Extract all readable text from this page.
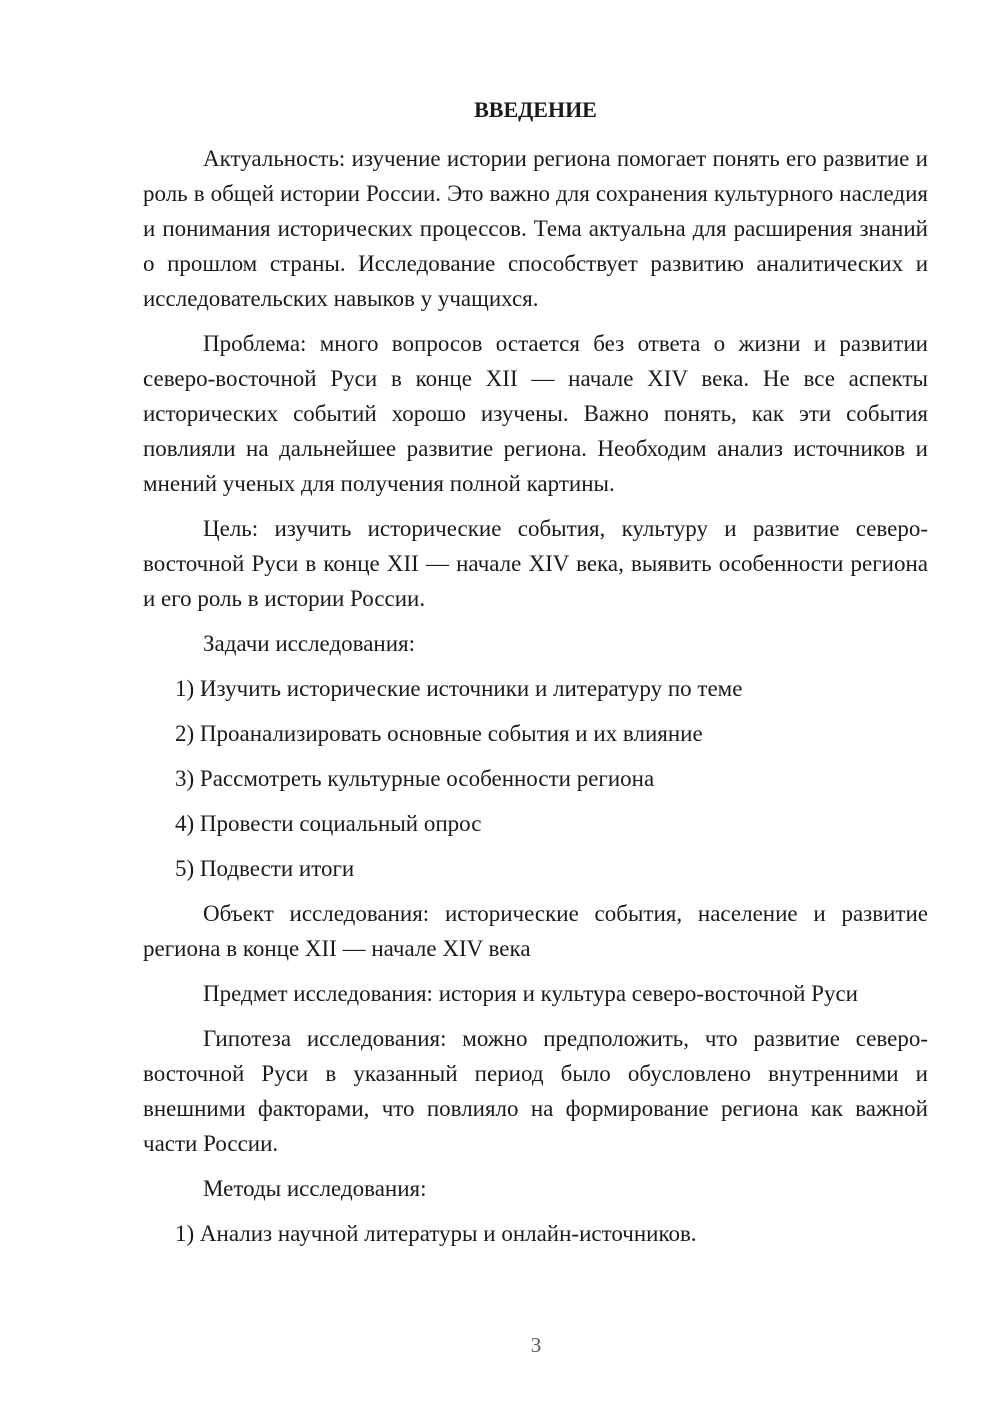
ВВЕДЕНИЕ

Актуальность: изучение истории региона помогает понять его развитие и роль в общей истории России. Это важно для сохранения культурного наследия и понимания исторических процессов. Тема актуальна для расширения знаний о прошлом страны. Исследование способствует развитию аналитических и исследовательских навыков у учащихся.

Проблема: много вопросов остается без ответа о жизни и развитии северо-восточной Руси в конце XII — начале XIV века. Не все аспекты исторических событий хорошо изучены. Важно понять, как эти события повлияли на дальнейшее развитие региона. Необходим анализ источников и мнений ученых для получения полной картины.

Цель: изучить исторические события, культуру и развитие северо-восточной Руси в конце XII — начале XIV века, выявить особенности региона и его роль в истории России.

Задачи исследования:

1) Изучить исторические источники и литературу по теме

2) Проанализировать основные события и их влияние

3) Рассмотреть культурные особенности региона

4) Провести социальный опрос

5) Подвести итоги

Объект исследования: исторические события, население и развитие региона в конце XII — начале XIV века

Предмет исследования: история и культура северо-восточной Руси

Гипотеза исследования: можно предположить, что развитие северо-восточной Руси в указанный период было обусловлено внутренними и внешними факторами, что повлияло на формирование региона как важной части России.

Методы исследования:

1) Анализ научной литературы и онлайн-источников.

3
